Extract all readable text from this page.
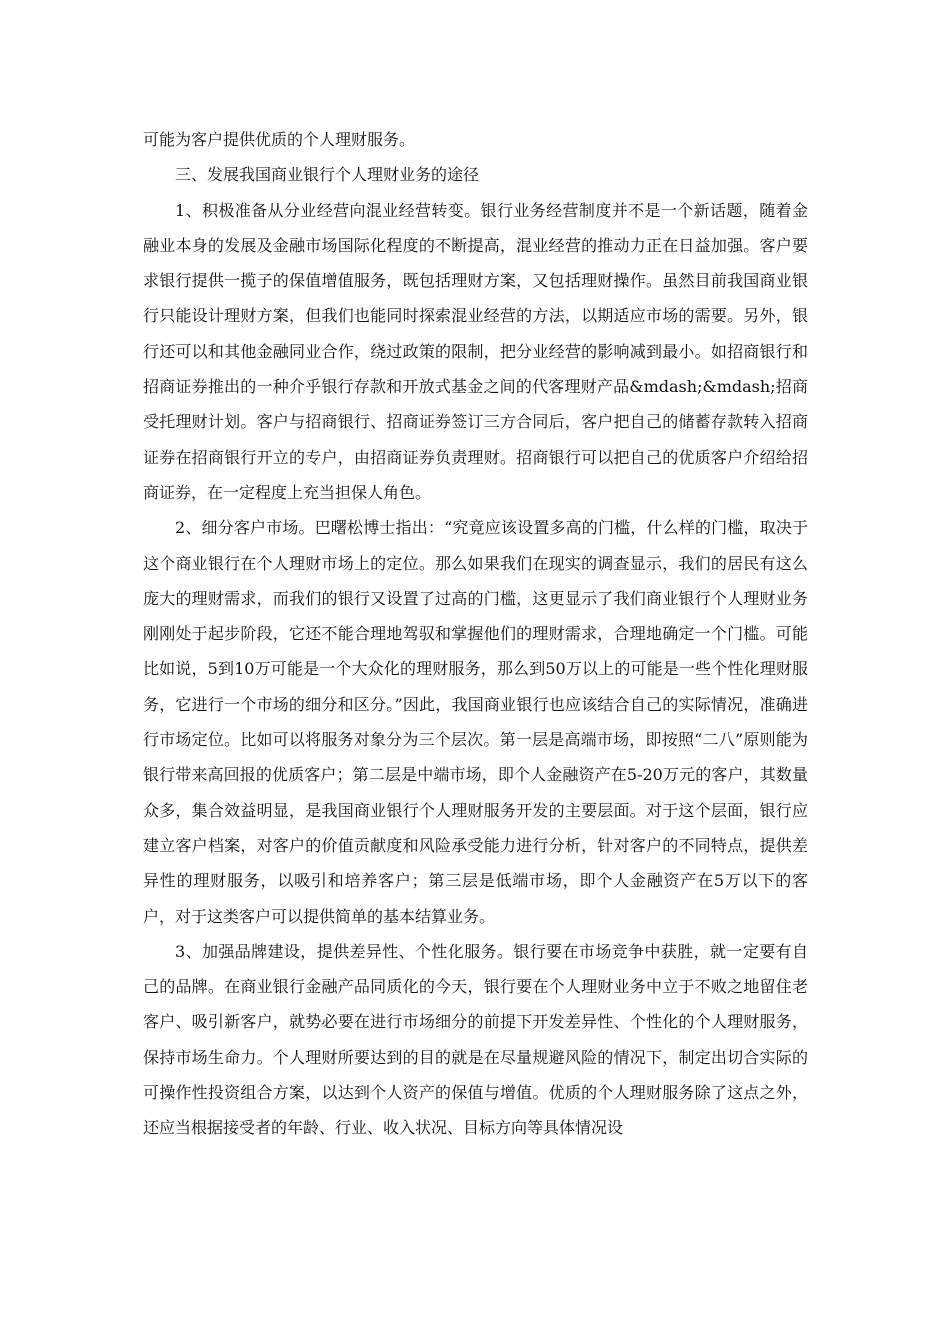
可能为客户提供优质的个人理财服务。

三、发展我国商业银行个人理财业务的途径

1、积极准备从分业经营向混业经营转变。银行业务经营制度并不是一个新话题，随着金融业本身的发展及金融市场国际化程度的不断提高，混业经营的推动力正在日益加强。客户要求银行提供一揽子的保值增值服务，既包括理财方案，又包括理财操作。虽然目前我国商业银行只能设计理财方案，但我们也能同时探索混业经营的方法，以期适应市场的需要。另外，银行还可以和其他金融同业合作，绕过政策的限制，把分业经营的影响减到最小。如招商银行和招商证券推出的一种介乎银行存款和开放式基金之间的代客理财产品&mdash;&mdash;招商受托理财计划。客户与招商银行、招商证券签订三方合同后，客户把自己的储蓄存款转入招商证券在招商银行开立的专户，由招商证券负责理财。招商银行可以把自己的优质客户介绍给招商证券，在一定程度上充当担保人角色。

2、细分客户市场。巴曙松博士指出：“究竟应该设置多高的门槛，什么样的门槛，取决于这个商业银行在个人理财市场上的定位。那么如果我们在现实的调查显示，我们的居民有这么庞大的理财需求，而我们的银行又设置了过高的门槛，这更显示了我们商业银行个人理财业务刚刚处于起步阶段，它还不能合理地驾驭和掌握他们的理财需求，合理地确定一个门槛。可能比如说，5到10万可能是一个大众化的理财服务，那么到50万以上的可能是一些个性化理财服务，它进行一个市场的细分和区分。”因此，我国商业银行也应该结合自己的实际情况，准确进行市场定位。比如可以将服务对象分为三个层次。第一层是高端市场，即按照“二八”原则能为银行带来高回报的优质客户；第二层是中端市场，即个人金融资产在5-20万元的客户，其数量众多，集合效益明显，是我国商业银行个人理财服务开发的主要层面。对于这个层面，银行应建立客户档案，对客户的价值贡献度和风险承受能力进行分析，针对客户的不同特点，提供差异性的理财服务，以吸引和培养客户；第三层是低端市场，即个人金融资产在5万以下的客户，对于这类客户可以提供简单的基本结算业务。

3、加强品牌建设，提供差异性、个性化服务。银行要在市场竞争中获胜，就一定要有自己的品牌。在商业银行金融产品同质化的今天，银行要在个人理财业务中立于不败之地留住老客户、吸引新客户，就势必要在进行市场细分的前提下开发差异性、个性化的个人理财服务，保持市场生命力。个人理财所要达到的目的就是在尽量规避风险的情况下，制定出切合实际的可操作性投资组合方案，以达到个人资产的保值与增值。优质的个人理财服务除了这点之外，还应当根据接受者的年龄、行业、收入状况、目标方向等具体情况设
